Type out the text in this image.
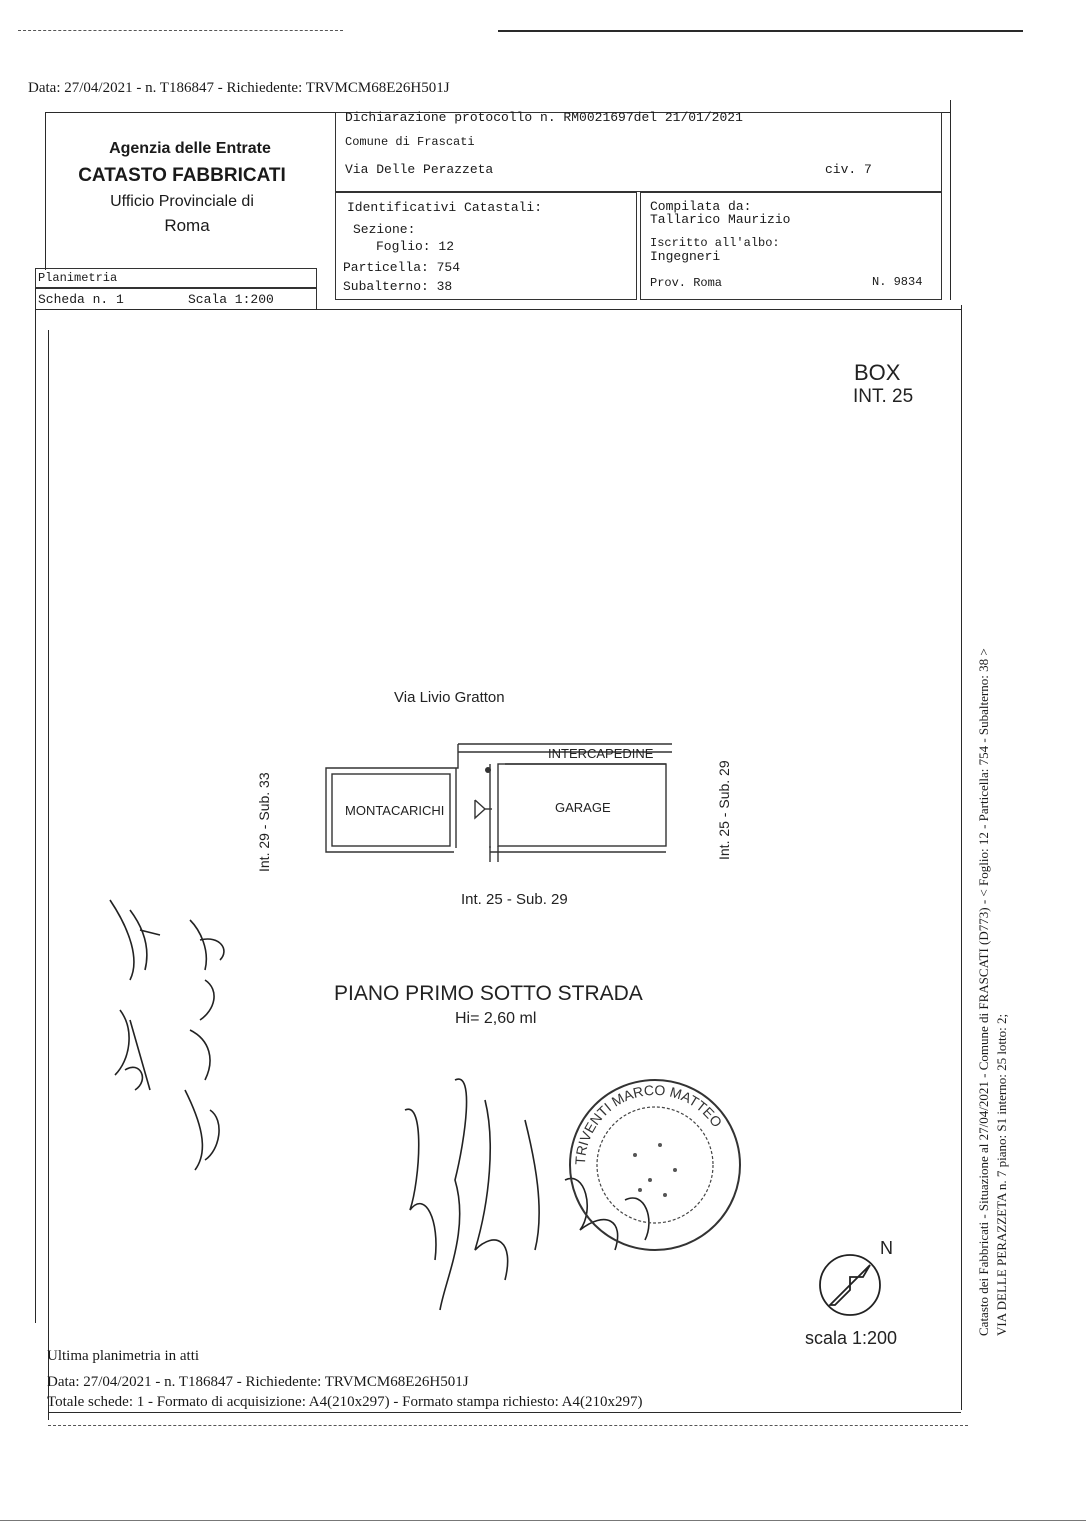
Data: 27/04/2021 - n. T186847 - Richiedente: TRVMCM68E26H501J
Agenzia delle Entrate
CATASTO FABBRICATI
Ufficio Provinciale di
Roma
Dichiarazione protocollo n. RM0021697del 21/01/2021
Comune di Frascati
Via Delle Perazzeta	civ. 7
Identificativi Catastali:
Sezione:
Foglio: 12
Particella: 754
Subalterno: 38
Compilata da:
Tallarico Maurizio
Iscritto all'albo:
Ingegneri
Prov. Roma	N. 9834
Planimetria
Scheda n. 1	Scala 1:200
BOX
INT. 25
Via Livio Gratton
INTERCAPEDINE
MONTACARICHI	GARAGE
Int. 29 - Sub. 33	Int. 25 - Sub. 29
Int. 25 - Sub. 29
PIANO PRIMO SOTTO STRADA
Hi= 2,60 ml
TRIVENTI MARCO MATTEO
N
scala 1:200
Catasto dei Fabbricati - Situazione al 27/04/2021 - Comune di FRASCATI (D773) - < Foglio: 12 - Particella: 754 - Subalterno: 38 > VIA DELLE PERAZZETA n. 7 piano: S1 interno: 25 lotto: 2;
Ultima planimetria in atti
Data: 27/04/2021 - n. T186847 - Richiedente: TRVMCM68E26H501J
Totale schede: 1 - Formato di acquisizione: A4(210x297) - Formato stampa richiesto: A4(210x297)
